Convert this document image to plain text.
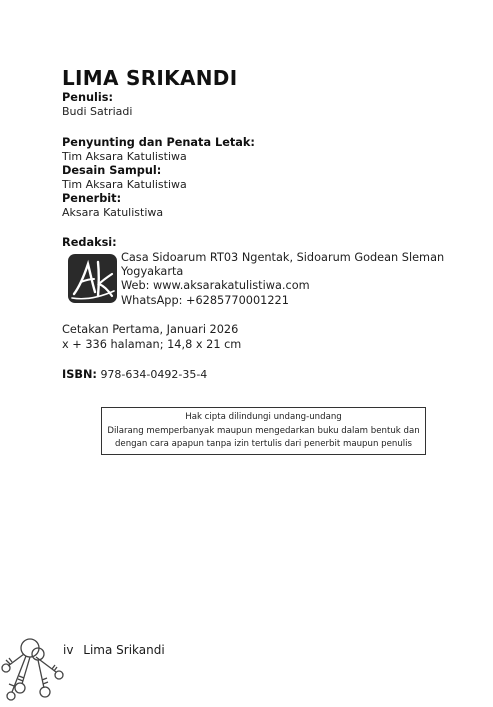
LIMA SRIKANDI
Penulis:
Budi Satriadi
Penyunting dan Penata Letak:
Tim Aksara Katulistiwa
Desain Sampul:
Tim Aksara Katulistiwa
Penerbit:
Aksara Katulistiwa
Redaksi:
Casa Sidoarum RT03 Ngentak, Sidoarum Godean Sleman
Yogyakarta
Web: www.aksarakatulistiwa.com
WhatsApp: +6285770001221
Cetakan Pertama, Januari 2026
x + 336 halaman; 14,8 x 21 cm
ISBN: 978-634-0492-35-4
Hak cipta dilindungi undang-undang
Dilarang memperbanyak maupun mengedarkan buku dalam bentuk dan
dengan cara apapun tanpa izin tertulis dari penerbit maupun penulis
iv Lima Srikandi
